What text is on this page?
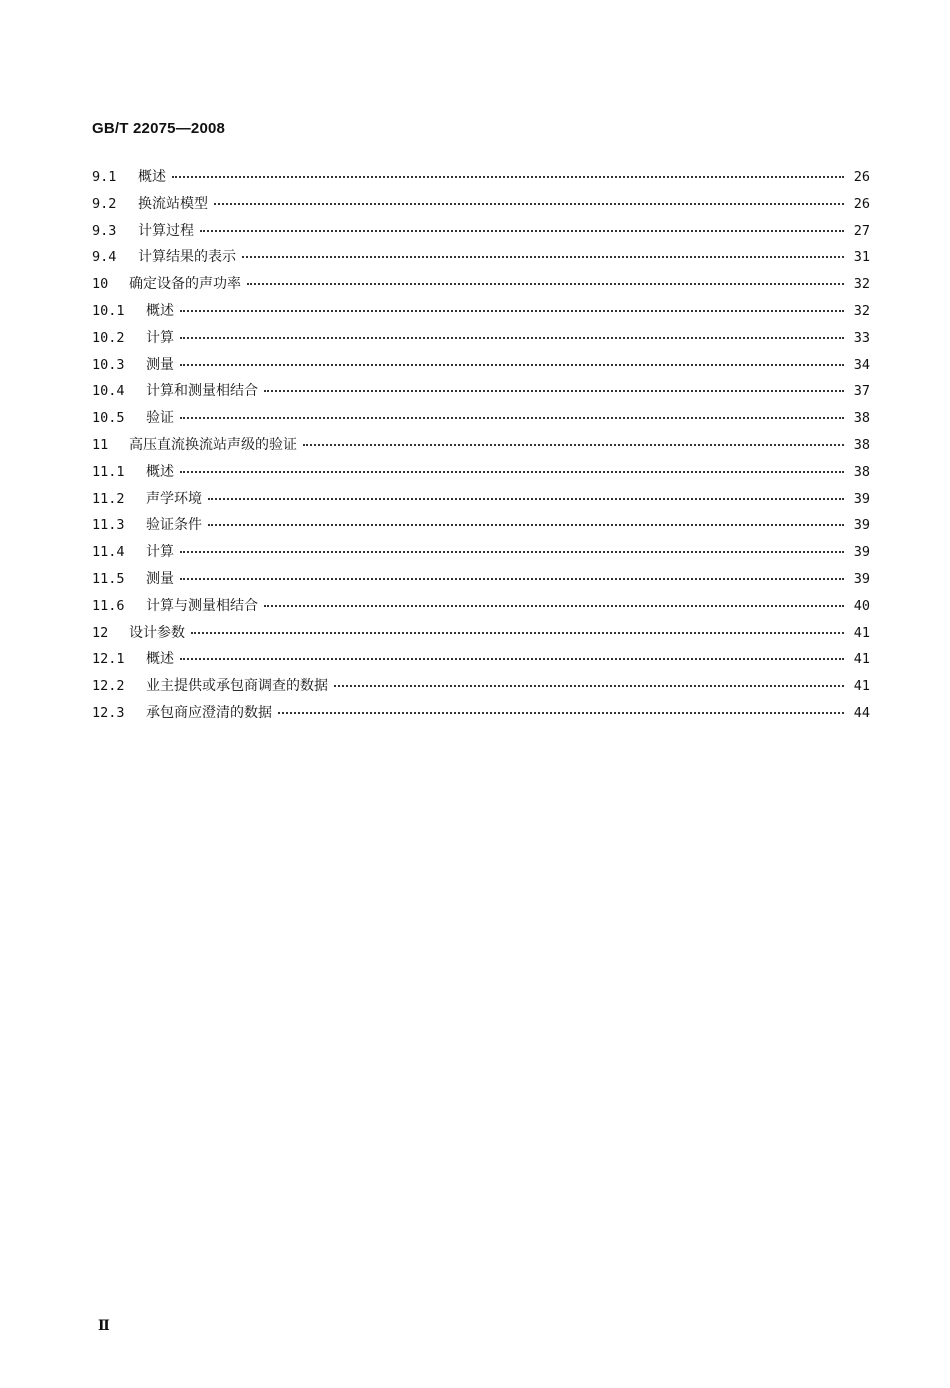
GB/T 22075—2008
9.1	概述	26
9.2	换流站模型	26
9.3	计算过程	27
9.4	计算结果的表示	31
10	确定设备的声功率	32
10.1	概述	32
10.2	计算	33
10.3	测量	34
10.4	计算和测量相结合	37
10.5	验证	38
11	高压直流换流站声级的验证	38
11.1	概述	38
11.2	声学环境	39
11.3	验证条件	39
11.4	计算	39
11.5	测量	39
11.6	计算与测量相结合	40
12	设计参数	41
12.1	概述	41
12.2	业主提供或承包商调查的数据	41
12.3	承包商应澄清的数据	44
Ⅱ
